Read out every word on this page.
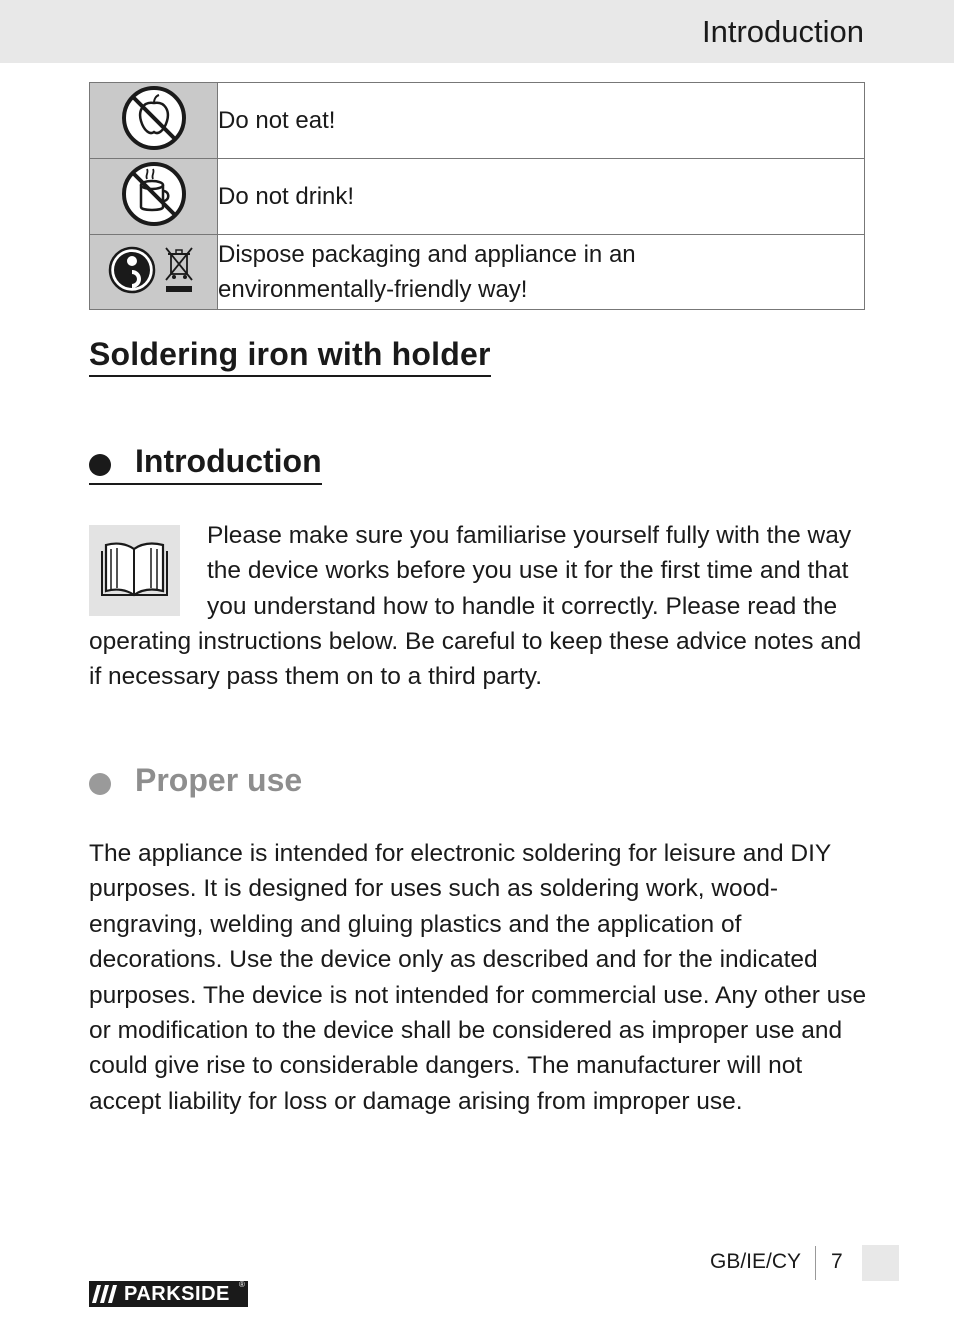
Introduction
	Do not eat!
	Do not drink!
	Dispose packaging and appliance in an
environmentally-friendly way!
Soldering iron with holder
Introduction

Please make sure you familiarise yourself fully with the way the device works before you use it for the first time and that you understand how to handle it correctly. Please read the

operating instructions below. Be careful to keep these advice notes and if necessary pass them on to a third party.

Proper use

The appliance is intended for electronic soldering for leisure and DIY purposes. It is designed for uses such as soldering work, wood-engraving, welding and gluing plastics and the application of decorations. Use the device only as described and for the indicated purposes. The device is not intended for commercial use. Any other use or modification to the device shall be considered as improper use and could give rise to considerable dangers. The manufacturer will not accept liability for loss or damage arising from improper use.

GB/IE/CY 7
PARKSIDE ®
